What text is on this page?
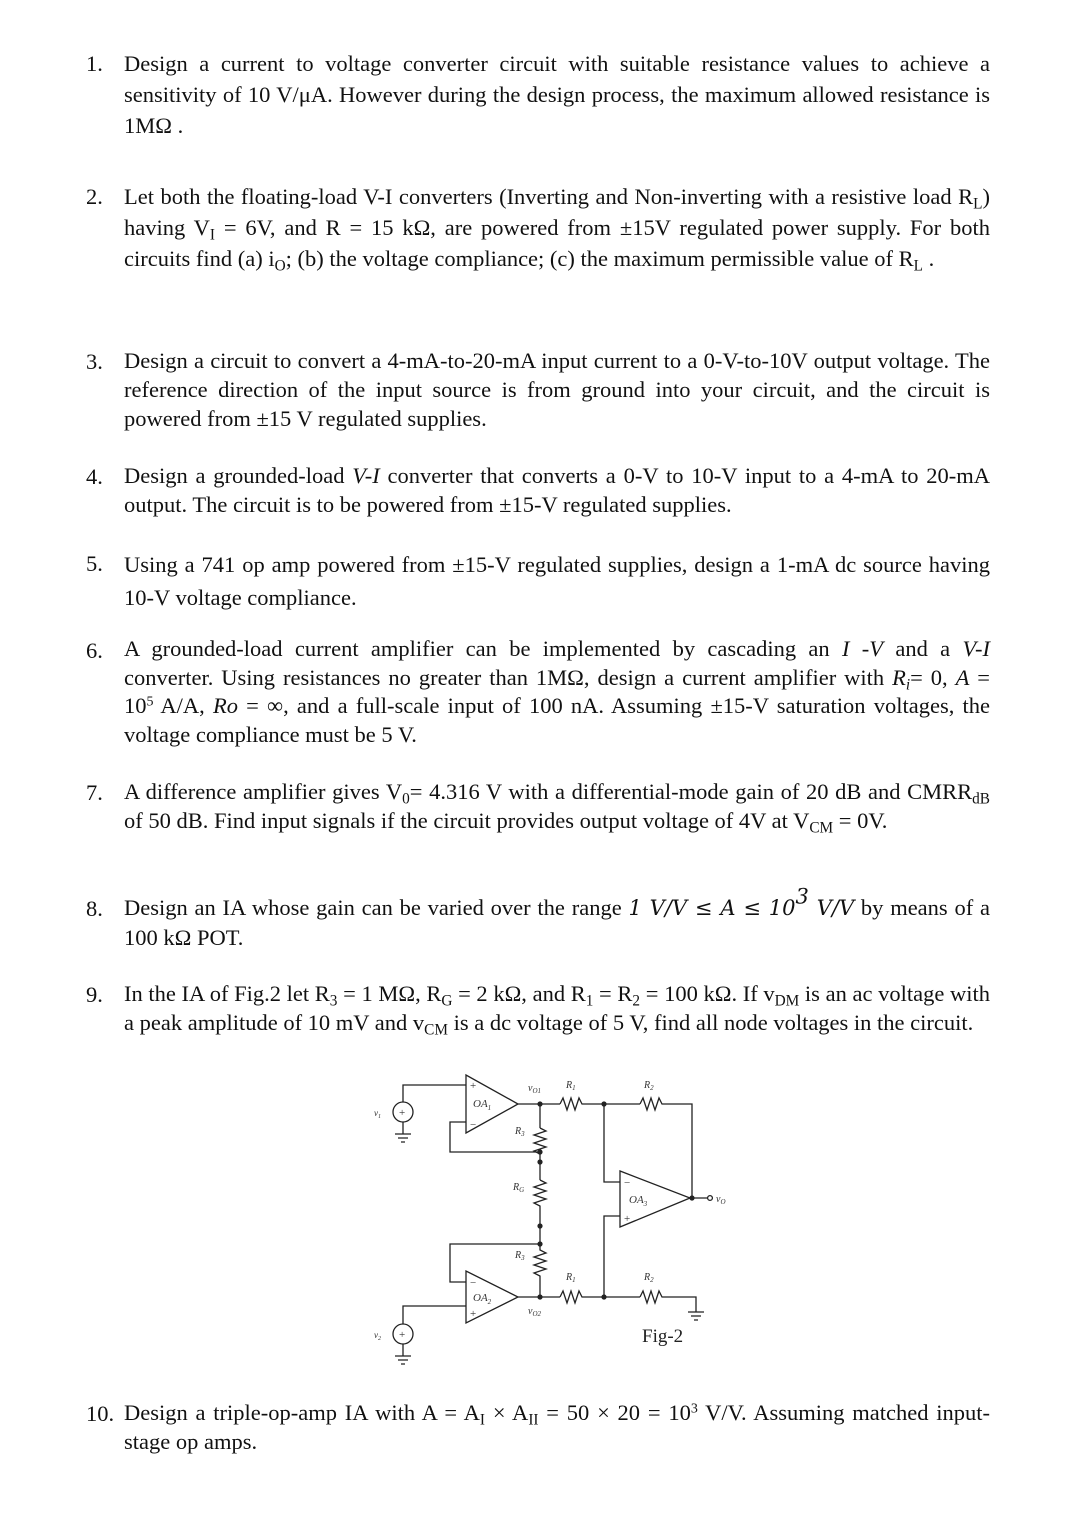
1. Design a current to voltage converter circuit with suitable resistance values to achieve a sensitivity of 10 V/μA. However during the design process, the maximum allowed resistance is 1MΩ .

2. Let both the floating-load V-I converters (Inverting and Non-inverting with a resistive load $R_L$) having $V_I = 6V$, and R = 15 kΩ, are powered from ±15V regulated power supply. For both circuits find (a) $i_O$; (b) the voltage compliance; (c) the maximum permissible value of $R_L$ .

3. Design a circuit to convert a 4-mA-to-20-mA input current to a 0-V-to-10V output voltage. The reference direction of the input source is from ground into your circuit, and the circuit is powered from ±15 V regulated supplies.

4. Design a grounded-load V-I converter that converts a 0-V to 10-V input to a 4-mA to 20-mA output. The circuit is to be powered from ±15-V regulated supplies.

5. Using a 741 op amp powered from ±15-V regulated supplies, design a 1-mA dc source having 10-V voltage compliance.

6. A grounded-load current amplifier can be implemented by cascading an I -V and a V-I converter. Using resistances no greater than 1MΩ, design a current amplifier with $R_i= 0$, $A = 10^5$ A/A, Ro = ∞, and a full-scale input of 100 nA. Assuming ±15-V saturation voltages, the voltage compliance must be 5 V.

7. A difference amplifier gives $V_0= 4.316$ V with a differential-mode gain of 20 dB and $CMRR_{dB}$ of 50 dB. Find input signals if the circuit provides output voltage of 4V at $V_{CM} = 0V$.

8. Design an IA whose gain can be varied over the range 1 $V/V \le A \le 10^3$ V/V by means of a 100 kΩ POT.

9. In the IA of Fig.2 let $R_3 = 1$ MΩ, $R_G = 2$ kΩ, and $R_1 = R_2 = 100$ kΩ. If $v_{DM}$ is an ac voltage with a peak amplitude of 10 mV and $v_{CM}$ is a dc voltage of 5 V, find all node voltages in the circuit.

+
−
$OA_1$
−
+
$OA_2$
−
+
$OA_3$
+
+
$v_1$
$v_2$
$v_{O1}$
$v_{O2}$
$R_1$	$R_2$
$R_3$
$R_G$
$R_3$
$R_1$	$R_2$
$v_O$
Fig-2
10. Design a triple-op-amp IA with $A = A_I \times A_{II} = 50 \times 20 = 10^3$ V/V. Assuming matched input-stage op amps.
